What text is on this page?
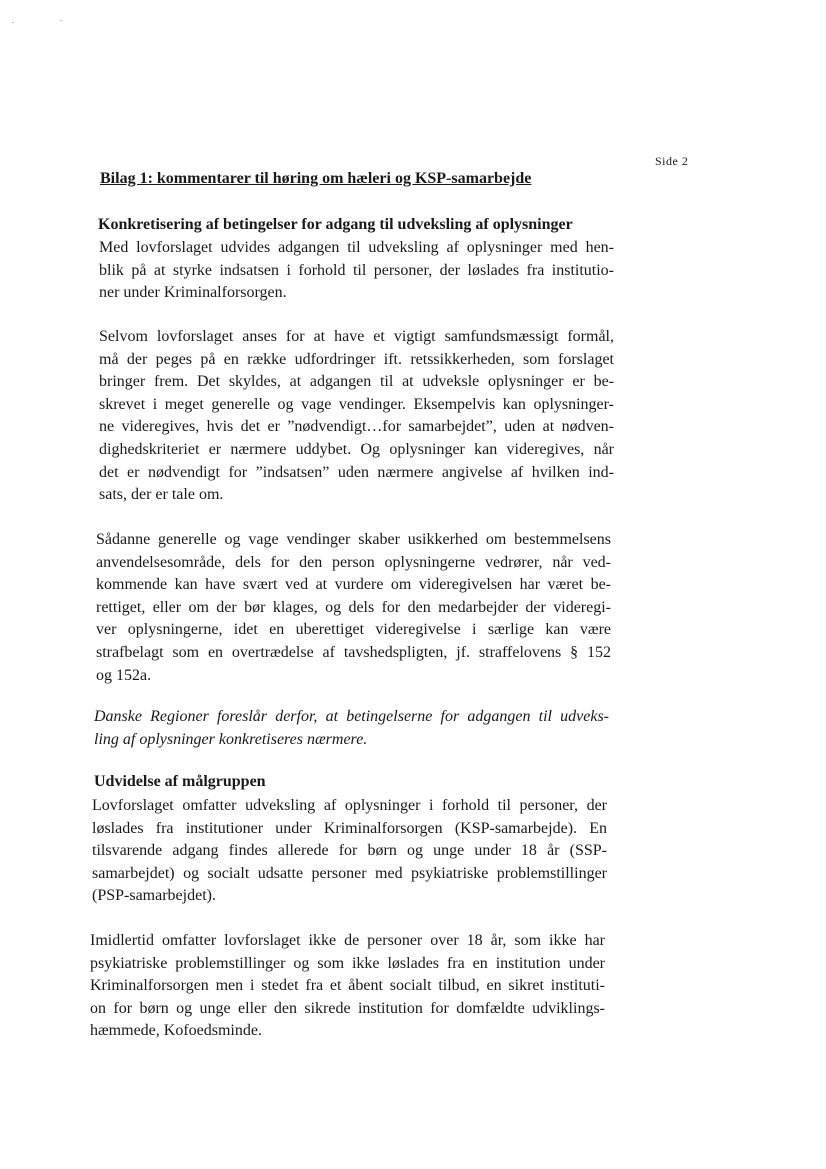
Side 2
Bilag 1: kommentarer til høring om hæleri og KSP-samarbejde
Konkretisering af betingelser for adgang til udveksling af oplysninger
Med lovforslaget udvides adgangen til udveksling af oplysninger med hen-
blik på at styrke indsatsen i forhold til personer, der løslades fra institutio-
ner under Kriminalforsorgen.
Selvom lovforslaget anses for at have et vigtigt samfundsmæssigt formål,
må der peges på en række udfordringer ift. retssikkerheden, som forslaget
bringer frem. Det skyldes, at adgangen til at udveksle oplysninger er be-
skrevet i meget generelle og vage vendinger. Eksempelvis kan oplysninger-
ne videregives, hvis det er ”nødvendigt…for samarbejdet”, uden at nødven-
dighedskriteriet er nærmere uddybet. Og oplysninger kan videregives, når
det er nødvendigt for ”indsatsen” uden nærmere angivelse af hvilken ind-
sats, der er tale om.
Sådanne generelle og vage vendinger skaber usikkerhed om bestemmelsens
anvendelsesområde, dels for den person oplysningerne vedrører, når ved-
kommende kan have svært ved at vurdere om videregivelsen har været be-
rettiget, eller om der bør klages, og dels for den medarbejder der videregi-
ver oplysningerne, idet en uberettiget videregivelse i særlige kan være
strafbelagt som en overtrædelse af tavshedspligten, jf. straffelovens § 152
og 152a.
Danske Regioner foreslår derfor, at betingelserne for adgangen til udveks-
ling af oplysninger konkretiseres nærmere.
Udvidelse af målgruppen
Lovforslaget omfatter udveksling af oplysninger i forhold til personer, der
løslades fra institutioner under Kriminalforsorgen (KSP-samarbejde). En
tilsvarende adgang findes allerede for børn og unge under 18 år (SSP-
samarbejdet) og socialt udsatte personer med psykiatriske problemstillinger
(PSP-samarbejdet).
Imidlertid omfatter lovforslaget ikke de personer over 18 år, som ikke har
psykiatriske problemstillinger og som ikke løslades fra en institution under
Kriminalforsorgen men i stedet fra et åbent socialt tilbud, en sikret instituti-
on for børn og unge eller den sikrede institution for domfældte udviklings-
hæmmede, Kofoedsminde.
